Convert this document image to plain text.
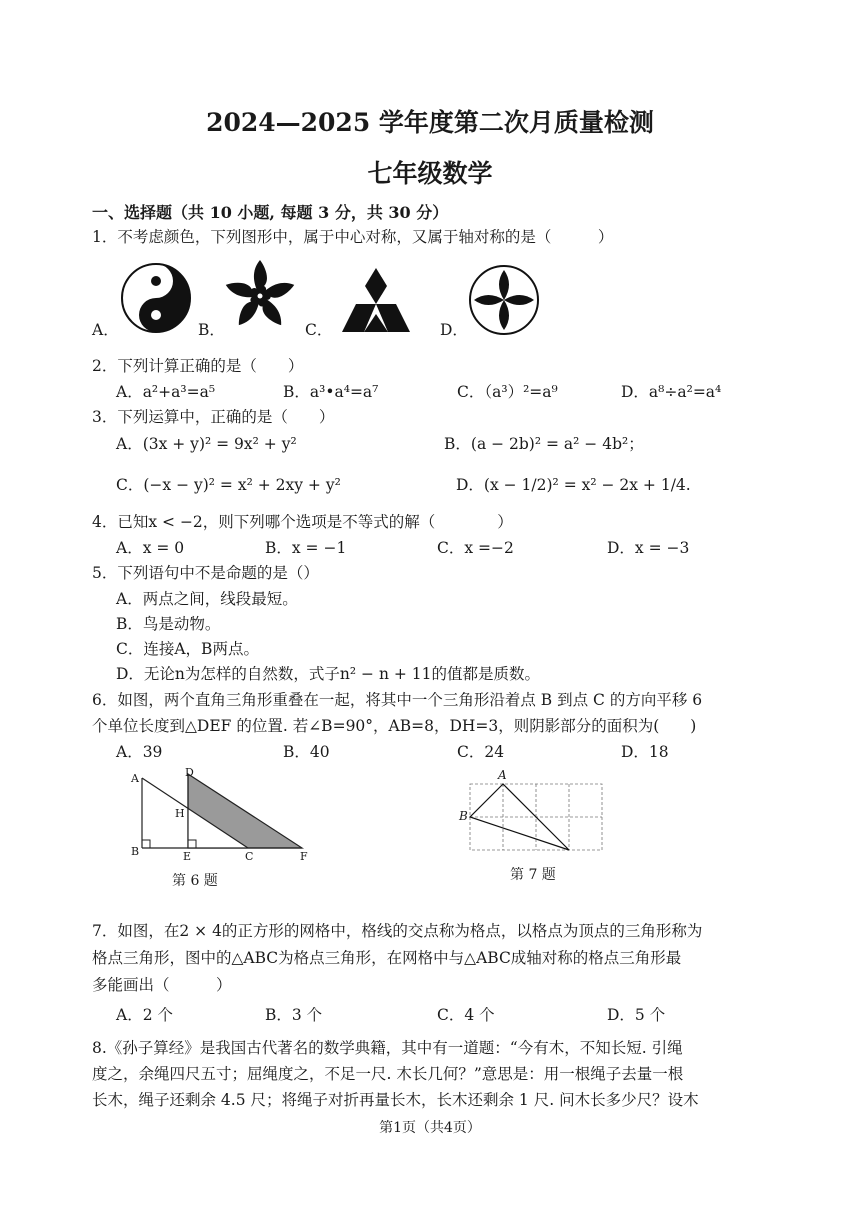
2024—2025 学年度第二次月质量检测
七年级数学
一、选择题（共 10 小题, 每题 3 分，共 30 分）
1．不考虑颜色，下列图形中，属于中心对称，又属于轴对称的是（　　　）
A．	B．	C．	D．
2．下列计算正确的是（　　）
A．a²+a³=a⁵	B．a³•a⁴=a⁷	C．（a³）²=a⁹	D．a⁸÷a²=a⁴
3．下列运算中，正确的是（　　）
A．(3x + y)² = 9x² + y²	B．(a − 2b)² = a² − 4b²；
C．(−x − y)² = x² + 2xy + y²	D．(x − 1/2)² = x² − 2x + 1/4.
4．已知x < −2，则下列哪个选项是不等式的解（　　　　）
A．x = 0	B．x = −1	C．x =−2	D．x = −3
5．下列语句中不是命题的是（）
A．两点之间，线段最短。
B．鸟是动物。
C．连接A，B两点。
D．无论n为怎样的自然数，式子n² − n + 11的值都是质数。
6．如图，两个直角三角形重叠在一起，将其中一个三角形沿着点 B 到点 C 的方向平移 6
个单位长度到△DEF 的位置. 若∠B=90°，AB=8，DH=3，则阴影部分的面积为(　　)
A．39	B．40	C．24	D．18
A	D
H
B	E	C	F
第 6 题
A
B
第 7 题
7．如图，在2 × 4的正方形的网格中，格线的交点称为格点，以格点为顶点的三角形称为
格点三角形，图中的△ABC为格点三角形，在网格中与△ABC成轴对称的格点三角形最
多能画出（　　　）
A．2 个	B．3 个	C．4 个	D．5 个
8.《孙子算经》是我国古代著名的数学典籍，其中有一道题：“今有木，不知长短. 引绳
度之，余绳四尺五寸；屈绳度之，不足一尺. 木长几何？”意思是：用一根绳子去量一根
长木，绳子还剩余 4.5 尺；将绳子对折再量长木，长木还剩余 1 尺. 问木长多少尺？设木
第1页（共4页）
